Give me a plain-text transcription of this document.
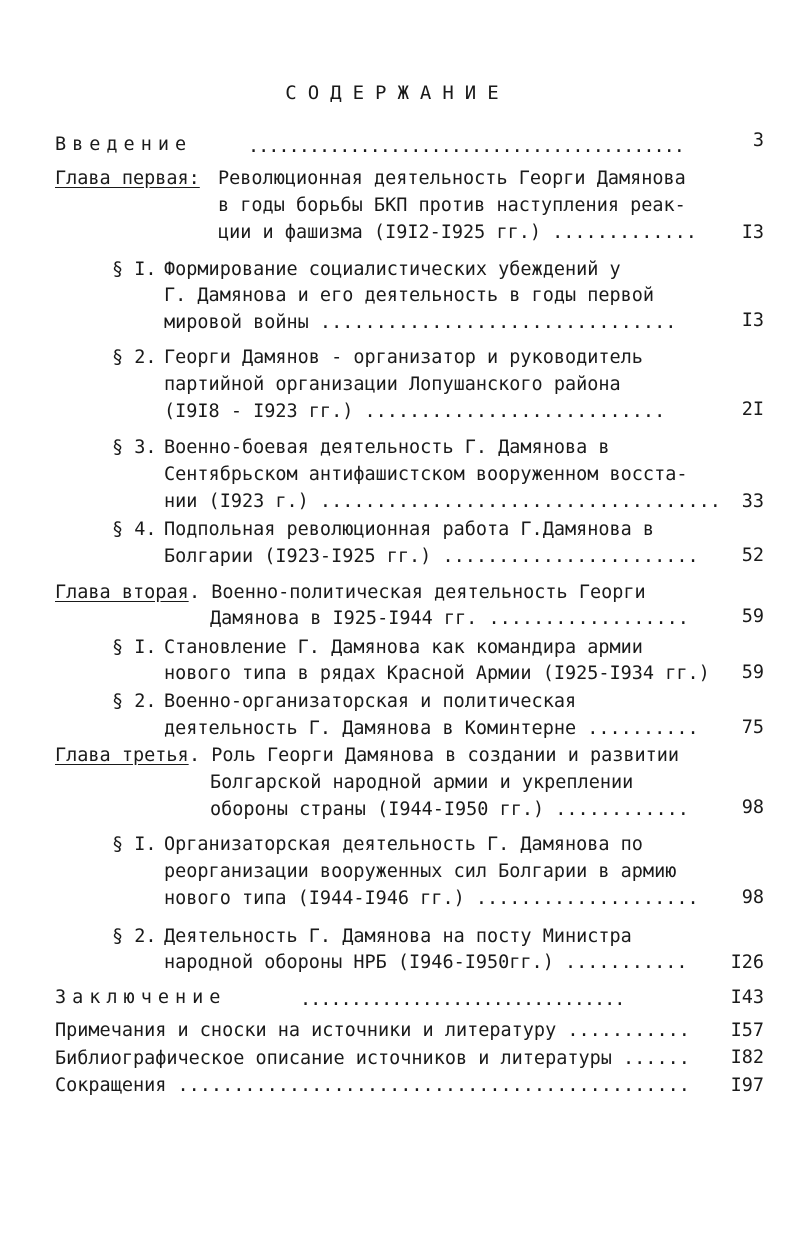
СОДЕРЖАНИЕ
Введение	...........................................	3
Глава первая: Революционная деятельность Георги Дамянова
в годы борьбы БКП против наступления реак-
ции и фашизма (I9I2-I925 гг.) .............	I3
§ I. Формирование социалистических убеждений у
Г. Дамянова и его деятельность в годы первой
мировой войны ................................	I3
§ 2. Георги Дамянов - организатор и руководитель
партийной организации Лопушанского района
(I9I8 - I923 гг.) ...........................	2I
§ 3. Военно-боевая деятельность Г. Дамянова в
Сентябрьском антифашистском вооруженном восста-
нии (I923 г.) ....................................	33
§ 4. Подпольная революционная работа Г.Дамянова в
Болгарии (I923-I925 гг.) .......................	52
Глава вторая . Военно-политическая деятельность Георги
Дамянова в I925-I944 гг. ..................	59
§ I. Становление Г. Дамянова как командира армии
нового типа в рядах Красной Армии (I925-I934 гг.)	59
§ 2. Военно-организаторская и политическая
деятельность Г. Дамянова в Коминтерне ..........	75
Глава третья . Роль Георги Дамянова в создании и развитии
Болгарской народной армии и укреплении
обороны страны (I944-I950 гг.) ............	98
§ I. Организаторская деятельность Г. Дамянова по
реорганизации вооруженных сил Болгарии в армию
нового типа (I944-I946 гг.) ....................	98
§ 2. Деятельность Г. Дамянова на посту Министра
народной обороны НРБ (I946-I950гг.) ...........	I26
Заключение	................................	I43
Примечания и сноски на источники и литературу ...........	I57
Библиографическое описание источников и литературы ......	I82
Сокращения ..............................................	I97
